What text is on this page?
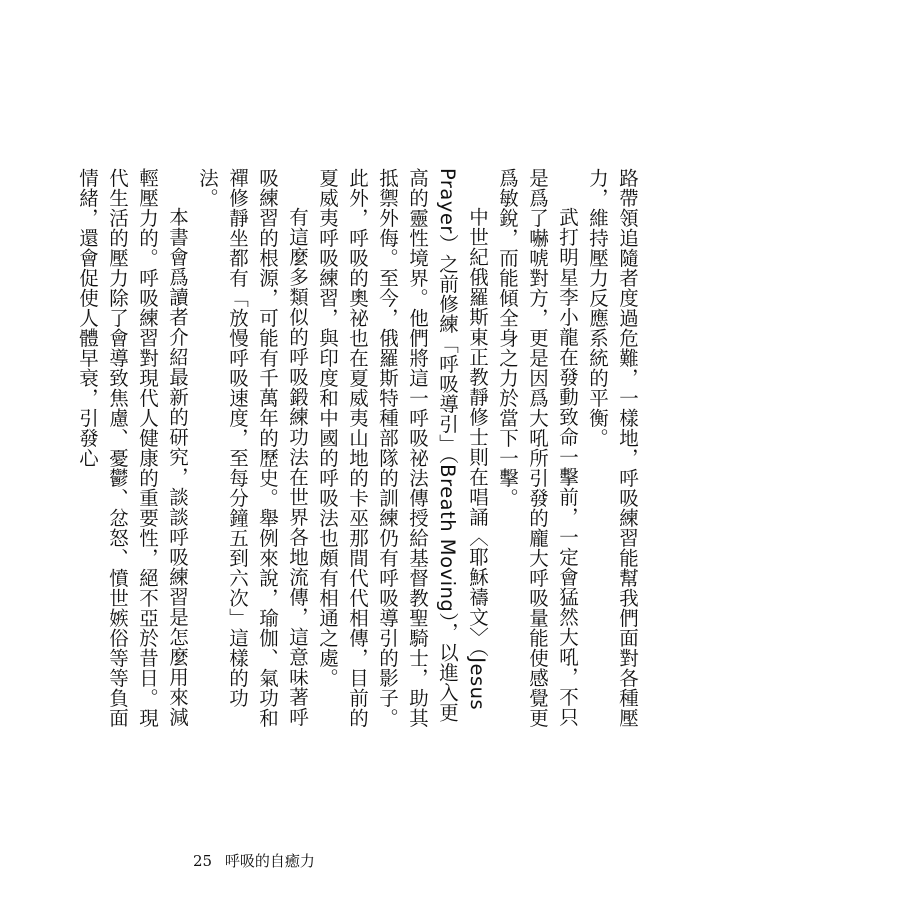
路帶領追隨者度過危難，一樣地，呼吸練習能幫我們面對各種壓力，維持壓力反應系統的平衡。

武打明星李小龍在發動致命一擊前，一定會猛然大吼，不只是爲了嚇唬對方，更是因爲大吼所引發的龐大呼吸量能使感覺更爲敏銳，而能傾全身之力於當下一擊。

中世紀俄羅斯東正教靜修士則在唱誦〈耶穌禱文〉（Jesus Prayer）之前修練「呼吸導引」（Breath Moving），以進入更高的靈性境界。他們將這一呼吸祕法傳授給基督教聖騎士，助其抵禦外侮。至今，俄羅斯特種部隊的訓練仍有呼吸導引的影子。此外，呼吸的奧祕也在夏威夷山地的卡巫那間代代相傳，目前的夏威夷呼吸練習，與印度和中國的呼吸法也頗有相通之處。

有這麼多類似的呼吸鍛練功法在世界各地流傳，這意味著呼吸練習的根源，可能有千萬年的歷史。舉例來說，瑜伽、氣功和禪修靜坐都有「放慢呼吸速度，至每分鐘五到六次」這樣的功法。

本書會爲讀者介紹最新的研究，談談呼吸練習是怎麼用來減輕壓力的。呼吸練習對現代人健康的重要性，絕不亞於昔日。現代生活的壓力除了會導致焦慮、憂鬱、忿怒、憤世嫉俗等等負面情緒，還會促使人體早衰，引發心

25 呼吸的自癒力
